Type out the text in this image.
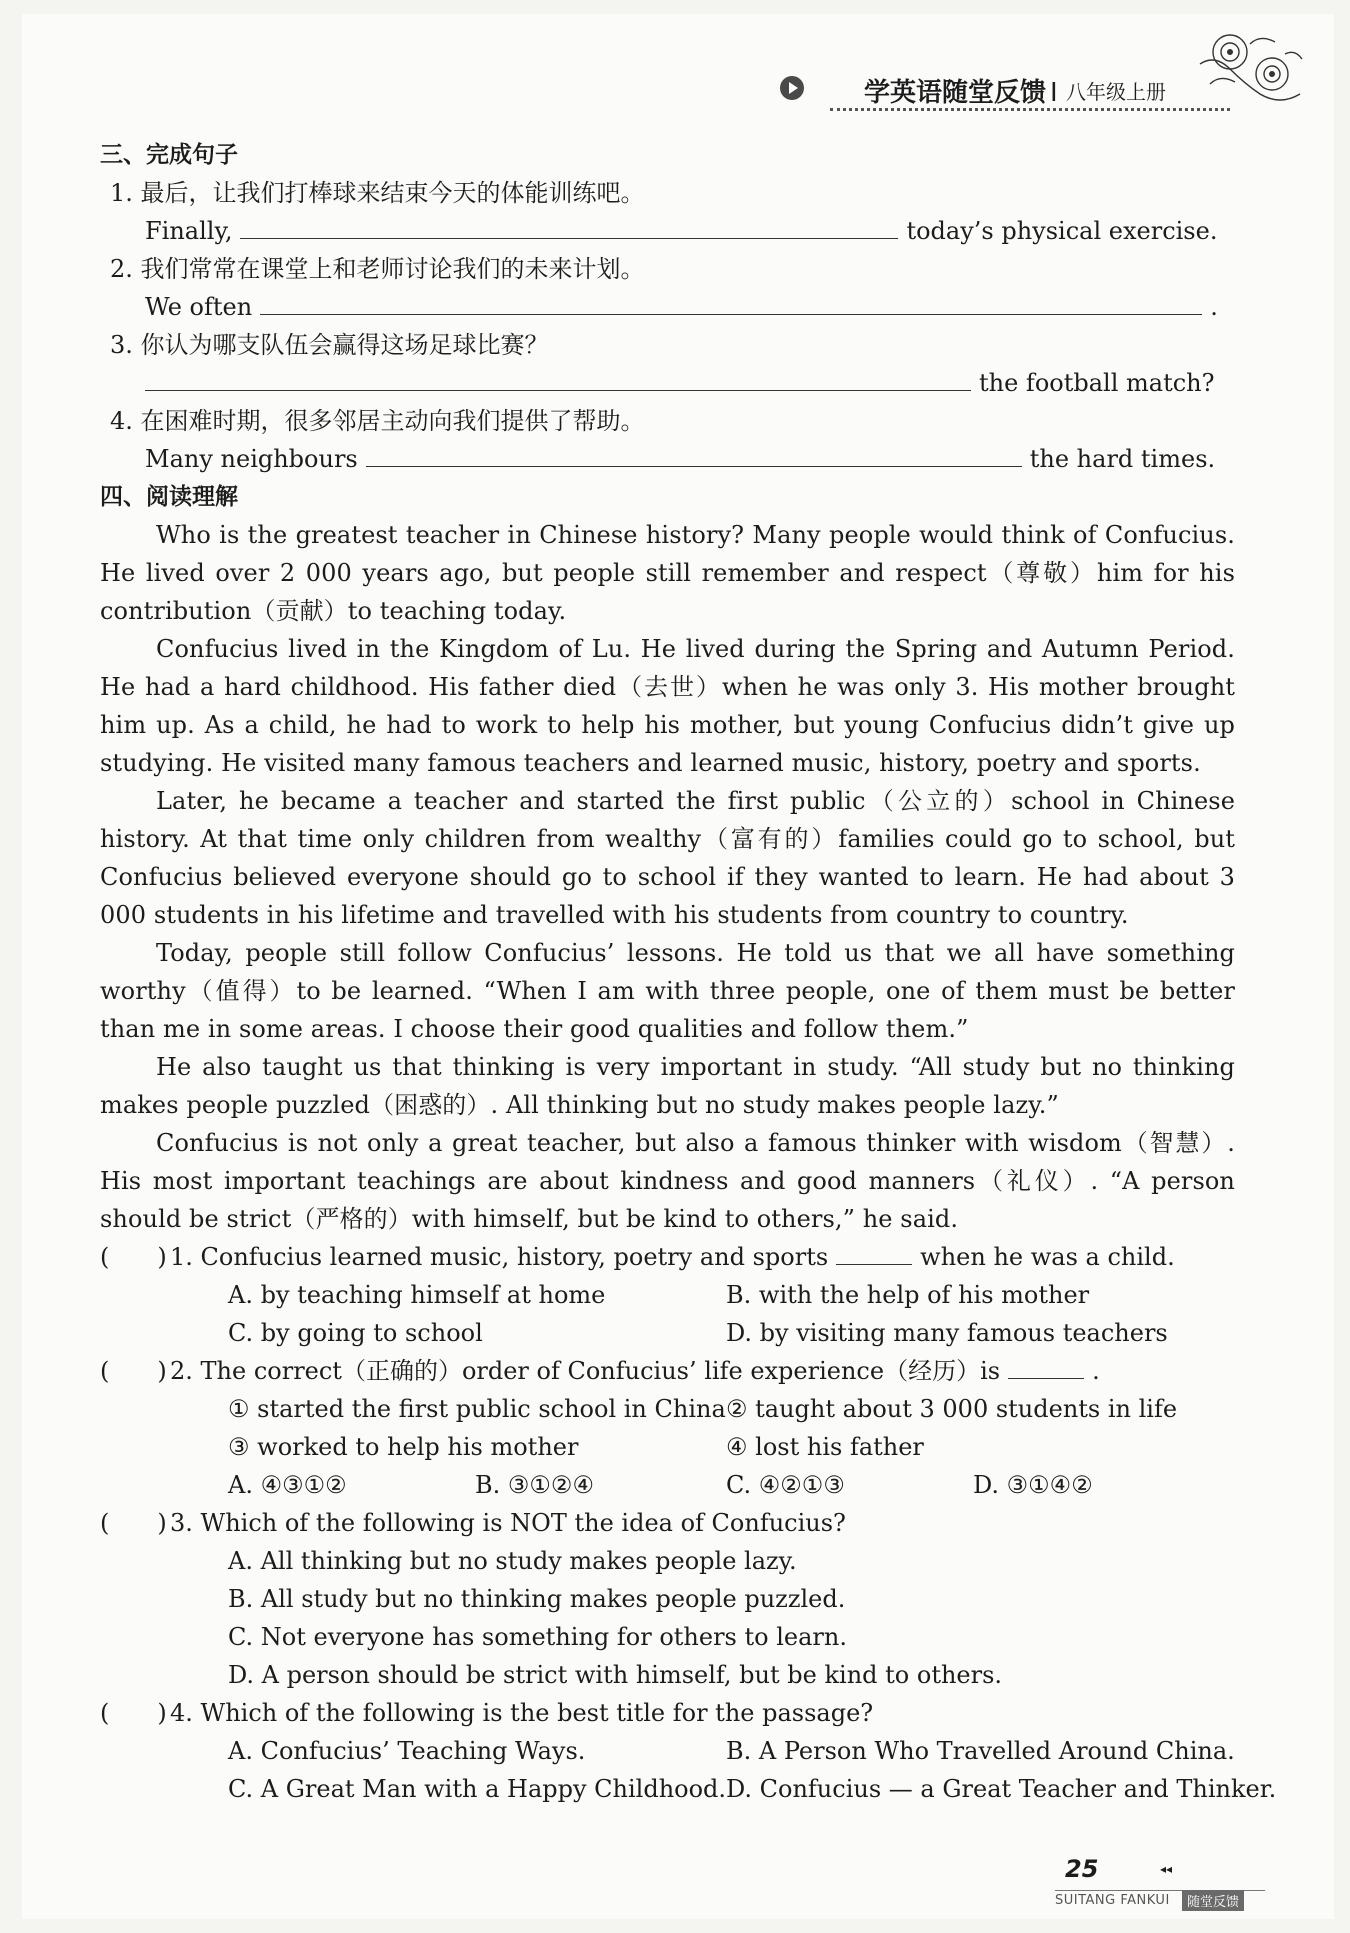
学英语随堂反馈 I 八年级上册
三、完成句子
1. 最后，让我们打棒球来结束今天的体能训练吧。
Finally,	today’s physical exercise.
2. 我们常常在课堂上和老师讨论我们的未来计划。
We often	.
3. 你认为哪支队伍会赢得这场足球比赛？
the football match?
4. 在困难时期，很多邻居主动向我们提供了帮助。
Many neighbours	the hard times.
四、阅读理解

Who is the greatest teacher in Chinese history? Many people would think of Confucius. He lived over 2 000 years ago, but people still remember and respect（尊敬）him for his contribution（贡献）to teaching today.

Confucius lived in the Kingdom of Lu. He lived during the Spring and Autumn Period. He had a hard childhood. His father died（去世）when he was only 3. His mother brought him up. As a child, he had to work to help his mother, but young Confucius didn’t give up studying. He visited many famous teachers and learned music, history, poetry and sports.

Later, he became a teacher and started the first public（公立的）school in Chinese history. At that time only children from wealthy（富有的）families could go to school, but Confucius believed everyone should go to school if they wanted to learn. He had about 3 000 students in his lifetime and travelled with his students from country to country.

Today, people still follow Confucius’ lessons. He told us that we all have something worthy（值得）to be learned. “When I am with three people, one of them must be better than me in some areas. I choose their good qualities and follow them.”

He also taught us that thinking is very important in study. “All study but no thinking makes people puzzled（困惑的）. All thinking but no study makes people lazy.”

Confucius is not only a great teacher, but also a famous thinker with wisdom（智慧）. His most important teachings are about kindness and good manners（礼仪）. “A person should be strict（严格的）with himself, but be kind to others,” he said.

(　　) 1. Confucius learned music, history, poetry and sports	when he was a child.
A. by teaching himself at home	B. with the help of his mother
C. by going to school	D. by visiting many famous teachers
(　　) 2. The correct（正确的）order of Confucius’ life experience（经历）is	.
① started the first public school in China ② taught about 3 000 students in life
③ worked to help his mother	④ lost his father
A. ④③①②	B. ③①②④	C. ④②①③	D. ③①④②
(　　) 3. Which of the following is NOT the idea of Confucius?
A. All thinking but no study makes people lazy.
B. All study but no thinking makes people puzzled.
C. Not everyone has something for others to learn.
D. A person should be strict with himself, but be kind to others.
(　　) 4. Which of the following is the best title for the passage?
A. Confucius’ Teaching Ways.	B. A Person Who Travelled Around China.
C. A Great Man with a Happy Childhood. D. Confucius — a Great Teacher and Thinker.
25	◂◂
SUITANG FANKUI	随堂反馈
